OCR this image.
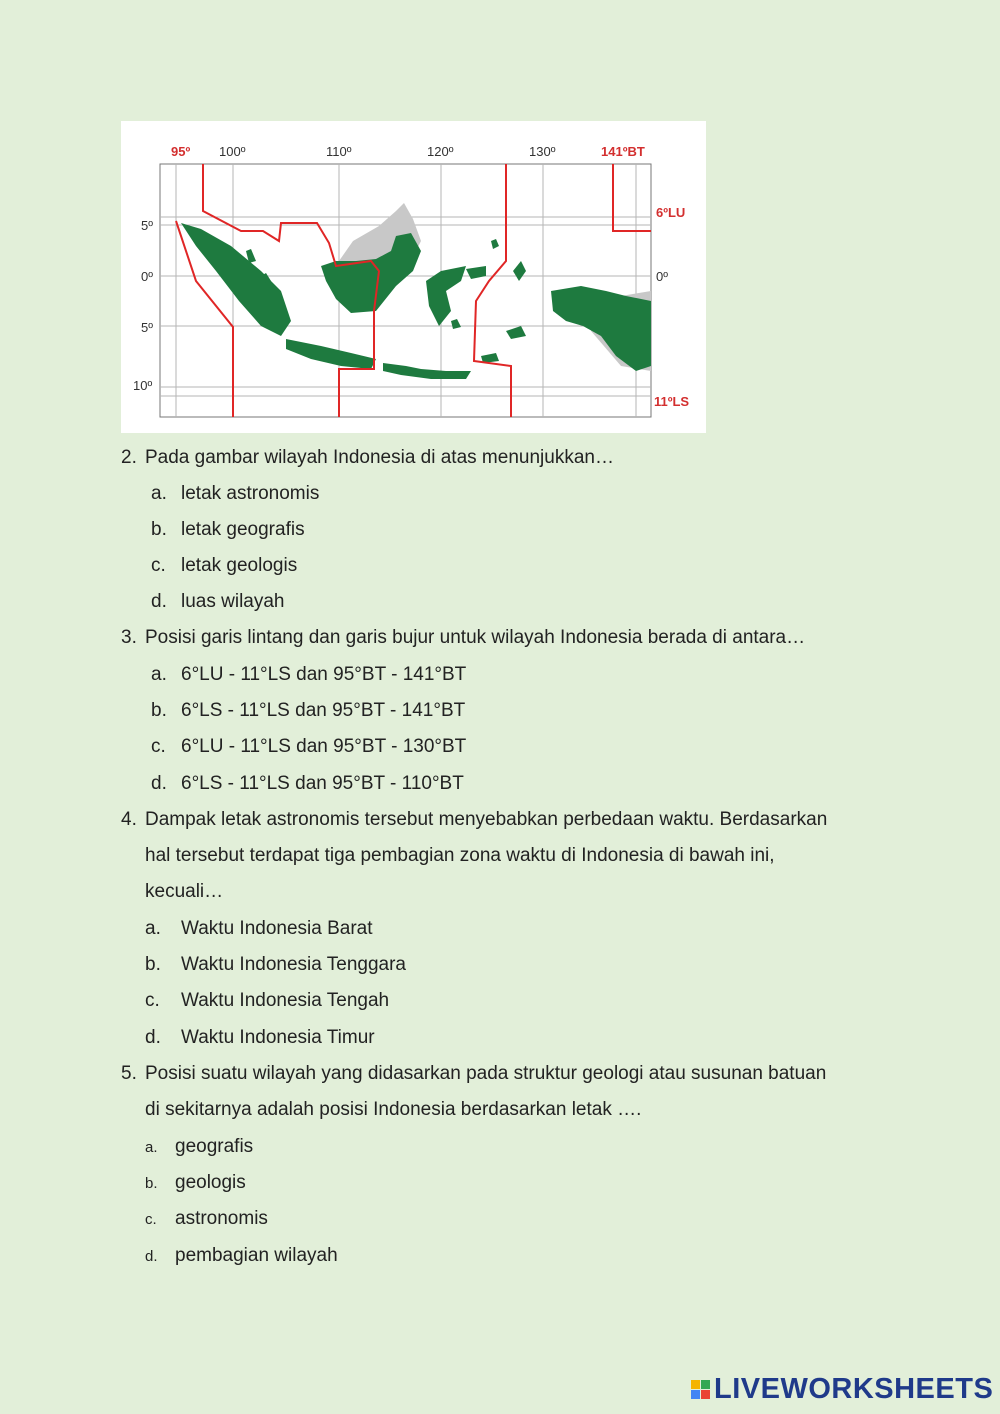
95º 100º	110º	120º	130º	141ºBT
5º
0º
5º
10º
6ºLU
0º
11ºLS
2. Pada gambar wilayah Indonesia di atas menunjukkan…
a. letak astronomis
b. letak geografis
c. letak geologis
d. luas wilayah
3. Posisi garis lintang dan garis bujur untuk wilayah Indonesia berada di antara…
a. 6°LU - 11°LS dan 95°BT - 141°BT
b. 6°LS - 11°LS dan 95°BT - 141°BT
c. 6°LU - 11°LS dan 95°BT - 130°BT
d. 6°LS - 11°LS dan 95°BT - 110°BT
4. Dampak letak astronomis tersebut menyebabkan perbedaan waktu. Berdasarkan
hal tersebut terdapat tiga pembagian zona waktu di Indonesia di bawah ini,
kecuali…
a. Waktu Indonesia Barat
b. Waktu Indonesia Tenggara
c. Waktu Indonesia Tengah
d. Waktu Indonesia Timur
5. Posisi suatu wilayah yang didasarkan pada struktur geologi atau susunan batuan
di sekitarnya adalah posisi Indonesia berdasarkan letak ….
a. geografis
b. geologis
c. astronomis
d. pembagian wilayah
LIVEWORKSHEETS
